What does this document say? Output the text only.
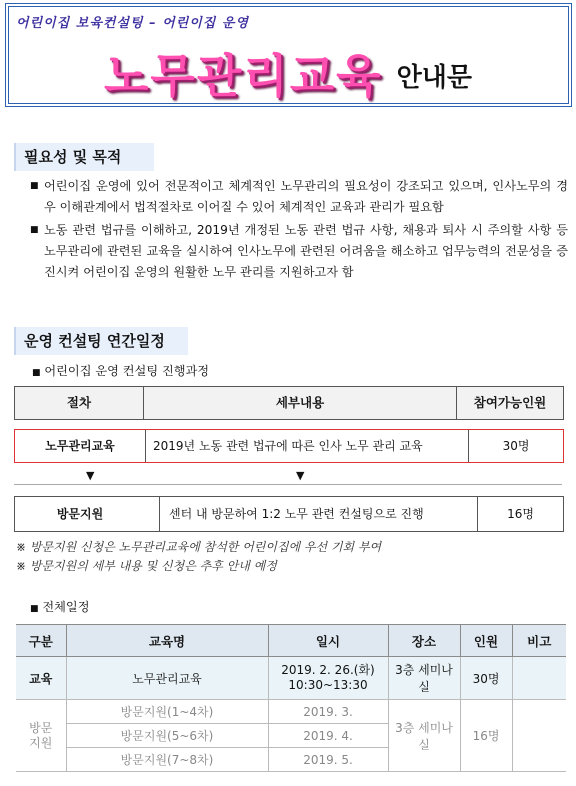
어린이집 보육컨설팅 – 어린이집 운영
노무관리교육 안내문
필요성 및 목적
■ 어린이집 운영에 있어 전문적이고 체계적인 노무관리의 필요성이 강조되고 있으며, 인사노무의 경우 이해관계에서 법적절차로 이어질 수 있어 체계적인 교육과 관리가 필요함
■ 노동 관련 법규를 이해하고, 2019년 개정된 노동 관련 법규 사항, 채용과 퇴사 시 주의할 사항 등 노무관리에 관련된 교육을 실시하여 인사노무에 관련된 어려움을 해소하고 업무능력의 전문성을 증진시켜 어린이집 운영의 원활한 노무 관리를 지원하고자 함
운영 컨설팅 연간일정
■ 어린이집 운영 컨설팅 진행과정
절차	세부내용	참여가능인원
노무관리교육	2019년 노동 관련 법규에 따른 인사 노무 관리 교육	30명
▼	▼
방문지원	센터 내 방문하여 1:2 노무 관련 컨설팅으로 진행	16명
※ 방문지원 신청은 노무관리교육에 참석한 어린이집에 우선 기회 부여
※ 방문지원의 세부 내용 및 신청은 추후 안내 예정
■ 전체일정
구분	교육명	일시	장소	인원	비고
교육	노무관리교육	2019. 2. 26.(화)
10:30~13:30	3층 세미나실	30명	
방문
지원	방문지원(1~4차)	2019. 3.	3층 세미나실	16명	
	방문지원(5~6차)	2019. 4.			
	방문지원(7~8차)	2019. 5.			
